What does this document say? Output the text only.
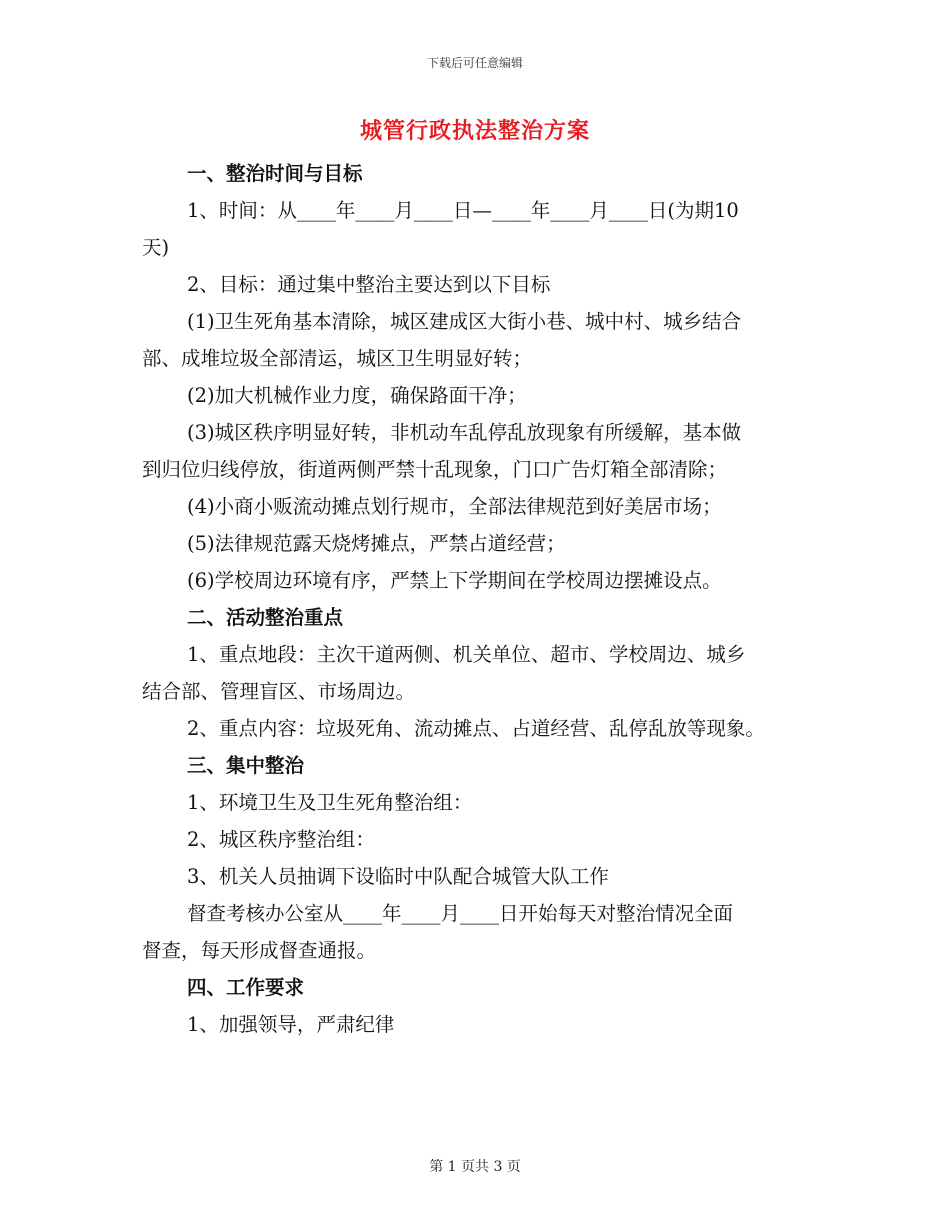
下载后可任意编辑
城管行政执法整治方案
一、整治时间与目标
1、时间：从____年____月____日—____年____月____日(为期10
天)
2、目标：通过集中整治主要达到以下目标
(1)卫生死角基本清除，城区建成区大街小巷、城中村、城乡结合
部、成堆垃圾全部清运，城区卫生明显好转；
(2)加大机械作业力度，确保路面干净；
(3)城区秩序明显好转，非机动车乱停乱放现象有所缓解，基本做
到归位归线停放，街道两侧严禁十乱现象，门口广告灯箱全部清除；
(4)小商小贩流动摊点划行规市，全部法律规范到好美居市场；
(5)法律规范露天烧烤摊点，严禁占道经营；
(6)学校周边环境有序，严禁上下学期间在学校周边摆摊设点。
二、活动整治重点
1、重点地段：主次干道两侧、机关单位、超市、学校周边、城乡
结合部、管理盲区、市场周边。
2、重点内容：垃圾死角、流动摊点、占道经营、乱停乱放等现象。
三、集中整治
1、环境卫生及卫生死角整治组：
2、城区秩序整治组：
3、机关人员抽调下设临时中队配合城管大队工作
督查考核办公室从____年____月____日开始每天对整治情况全面
督查，每天形成督查通报。
四、工作要求
1、加强领导，严肃纪律
第 1 页共 3 页
